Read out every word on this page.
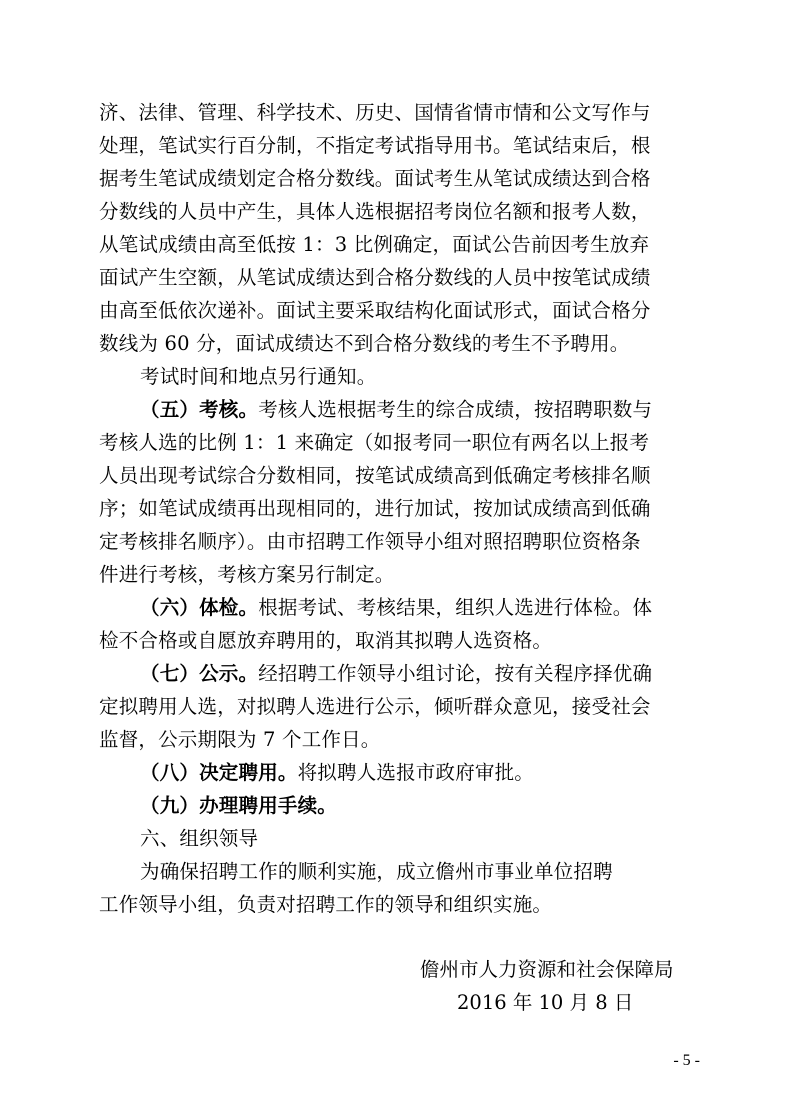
济、法律、管理、科学技术、历史、国情省情市情和公文写作与
处理，笔试实行百分制，不指定考试指导用书。笔试结束后，根
据考生笔试成绩划定合格分数线。面试考生从笔试成绩达到合格
分数线的人员中产生，具体人选根据招考岗位名额和报考人数，
从笔试成绩由高至低按 1：3 比例确定，面试公告前因考生放弃
面试产生空额，从笔试成绩达到合格分数线的人员中按笔试成绩
由高至低依次递补。面试主要采取结构化面试形式，面试合格分
数线为 60 分，面试成绩达不到合格分数线的考生不予聘用。
考试时间和地点另行通知。
（五）考核。考核人选根据考生的综合成绩，按招聘职数与
考核人选的比例 1：1 来确定（如报考同一职位有两名以上报考
人员出现考试综合分数相同，按笔试成绩高到低确定考核排名顺
序；如笔试成绩再出现相同的，进行加试，按加试成绩高到低确
定考核排名顺序）。由市招聘工作领导小组对照招聘职位资格条
件进行考核，考核方案另行制定。
（六）体检。根据考试、考核结果，组织人选进行体检。体
检不合格或自愿放弃聘用的，取消其拟聘人选资格。
（七）公示。经招聘工作领导小组讨论，按有关程序择优确
定拟聘用人选，对拟聘人选进行公示，倾听群众意见，接受社会
监督，公示期限为 7 个工作日。
（八）决定聘用。将拟聘人选报市政府审批。
（九）办理聘用手续。
六、组织领导
为确保招聘工作的顺利实施，成立儋州市事业单位招聘
工作领导小组，负责对招聘工作的领导和组织实施。
儋州市人力资源和社会保障局
2016 年 10 月 8 日
- 5 -
